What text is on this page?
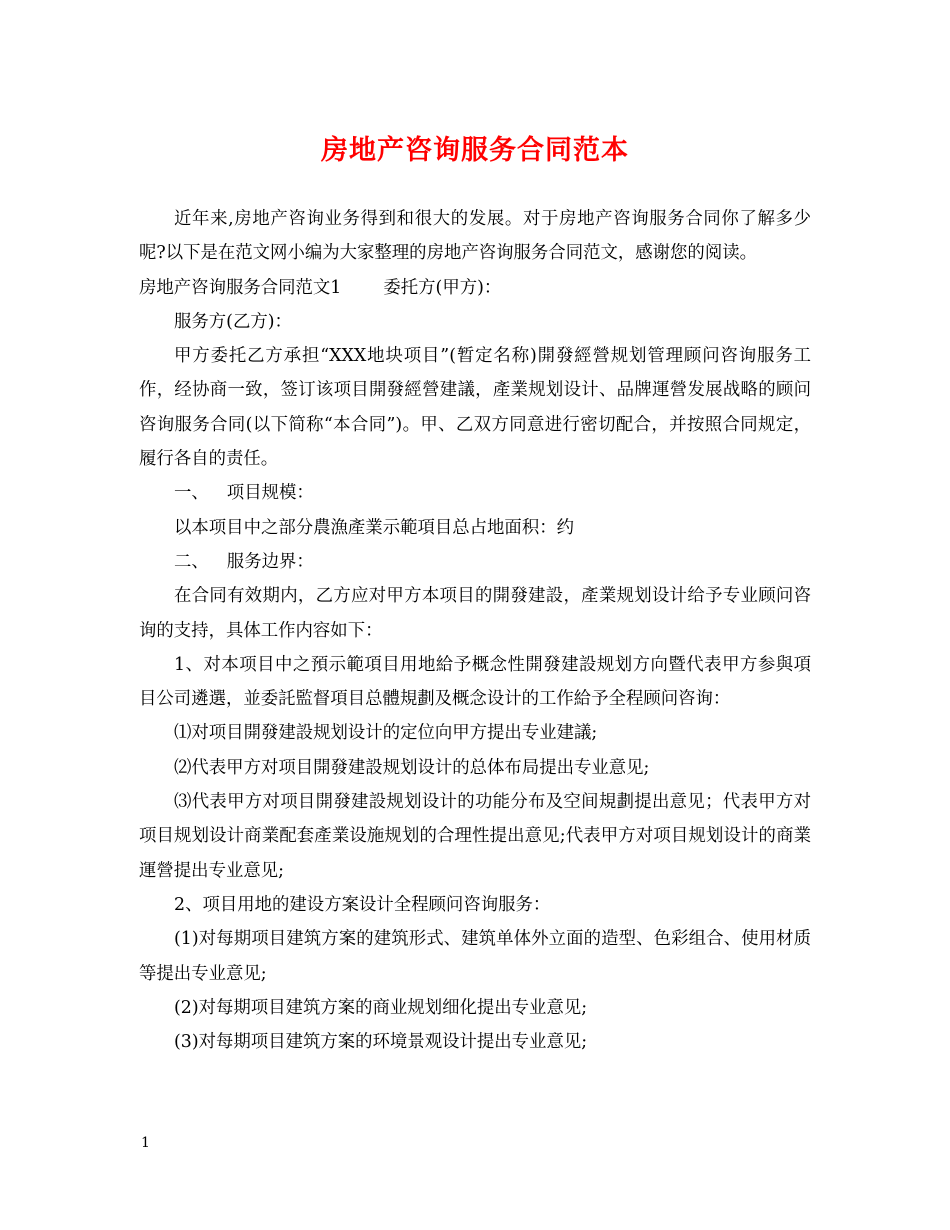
房地产咨询服务合同范本

近年来,房地产咨询业务得到和很大的发展。对于房地产咨询服务合同你了解多少呢?以下是在范文网小编为大家整理的房地产咨询服务合同范文，感谢您的阅读。

房地产咨询服务合同范文1 委托方(甲方)：

服务方(乙方)：

甲方委托乙方承担“XXX地块项目”(暂定名称)開發經營规划管理顾问咨询服务工作，经协商一致，签订该项目開發經營建議，產業规划设计、品牌運營发展战略的顾问咨询服务合同(以下简称“本合同”)。甲、乙双方同意进行密切配合，并按照合同规定，履行各自的责任。

一、 项目规模：

以本项目中之部分農漁產業示範項目总占地面积：约

二、 服务边界：

在合同有效期内，乙方应对甲方本项目的開發建設，產業规划设计给予专业顾问咨询的支持，具体工作内容如下：

1、对本项目中之預示範項目用地給予概念性開發建設规划方向暨代表甲方参與項目公司遴選，並委託監督項目总體規劃及概念设计的工作給予全程顾问咨询：

⑴对项目開發建設规划设计的定位向甲方提出专业建議;

⑵代表甲方对项目開發建設规划设计的总体布局提出专业意见;

⑶代表甲方对项目開發建設规划设计的功能分布及空间規劃提出意见；代表甲方对项目规划设计商業配套產業设施规划的合理性提出意见;代表甲方对项目规划设计的商業運營提出专业意见;

2、项目用地的建设方案设计全程顾问咨询服务：

(1)对每期项目建筑方案的建筑形式、建筑单体外立面的造型、色彩组合、使用材质等提出专业意见;

(2)对每期项目建筑方案的商业规划细化提出专业意见;

(3)对每期项目建筑方案的环境景观设计提出专业意见;

1
